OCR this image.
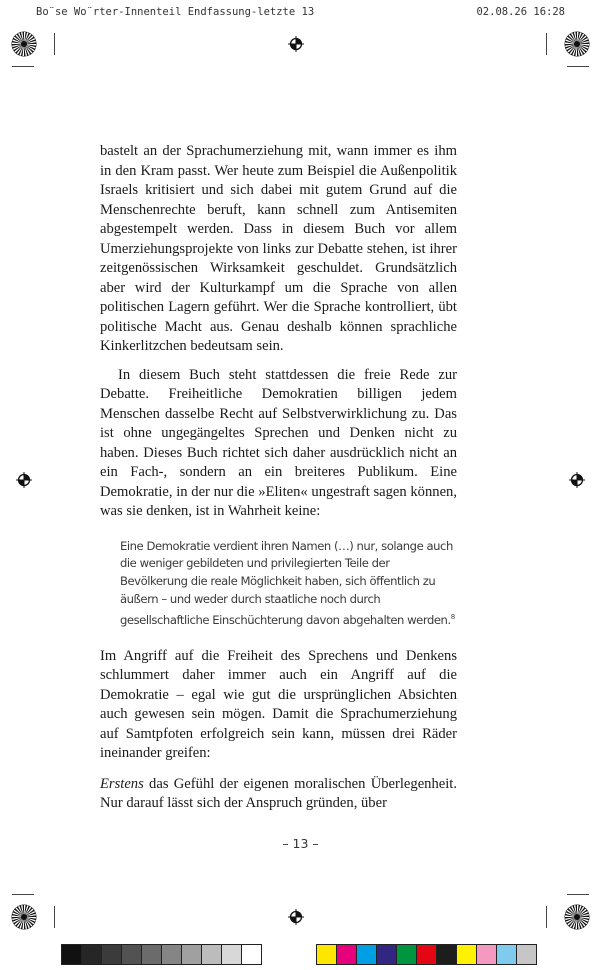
Bo¨se Wo¨rter-Innenteil Endfassung-letzte 13	02.08.26 16:28

bastelt an der Sprachumerziehung mit, wann immer es ihm in den Kram passt. Wer heute zum Beispiel die Außenpolitik Israels kritisiert und sich dabei mit gutem Grund auf die Menschenrechte beruft, kann schnell zum Antisemiten abgestempelt werden. Dass in diesem Buch vor allem Umerziehungsprojekte von links zur Debatte stehen, ist ihrer zeitgenössischen Wirksamkeit geschuldet. Grundsätzlich aber wird der Kulturkampf um die Sprache von allen politischen Lagern geführt. Wer die Sprache kontrolliert, übt politische Macht aus. Genau deshalb können sprachliche Kinkerlitzchen bedeutsam sein.

In diesem Buch steht stattdessen die freie Rede zur Debatte. Freiheitliche Demokratien billigen jedem Menschen dasselbe Recht auf Selbstverwirklichung zu. Das ist ohne ungegängeltes Sprechen und Denken nicht zu haben. Dieses Buch richtet sich daher ausdrücklich nicht an ein Fach-, sondern an ein breiteres Publikum. Eine Demokratie, in der nur die »Eliten« ungestraft sagen können, was sie denken, ist in Wahrheit keine:

Eine Demokratie verdient ihren Namen (…) nur, solange auch die weniger gebildeten und privilegierten Teile der Bevölkerung die reale Möglichkeit haben, sich öffentlich zu äußern – und weder durch staatliche noch durch gesellschaftliche Einschüchterung davon abgehalten werden.$^8$

Im Angriff auf die Freiheit des Sprechens und Denkens schlummert daher immer auch ein Angriff auf die Demokratie – egal wie gut die ursprünglichen Absichten auch gewesen sein mögen. Damit die Sprachumerziehung auf Samtpfoten erfolgreich sein kann, müssen drei Räder ineinander greifen:

Erstens das Gefühl der eigenen moralischen Überlegenheit. Nur darauf lässt sich der Anspruch gründen, über

– 13 –
